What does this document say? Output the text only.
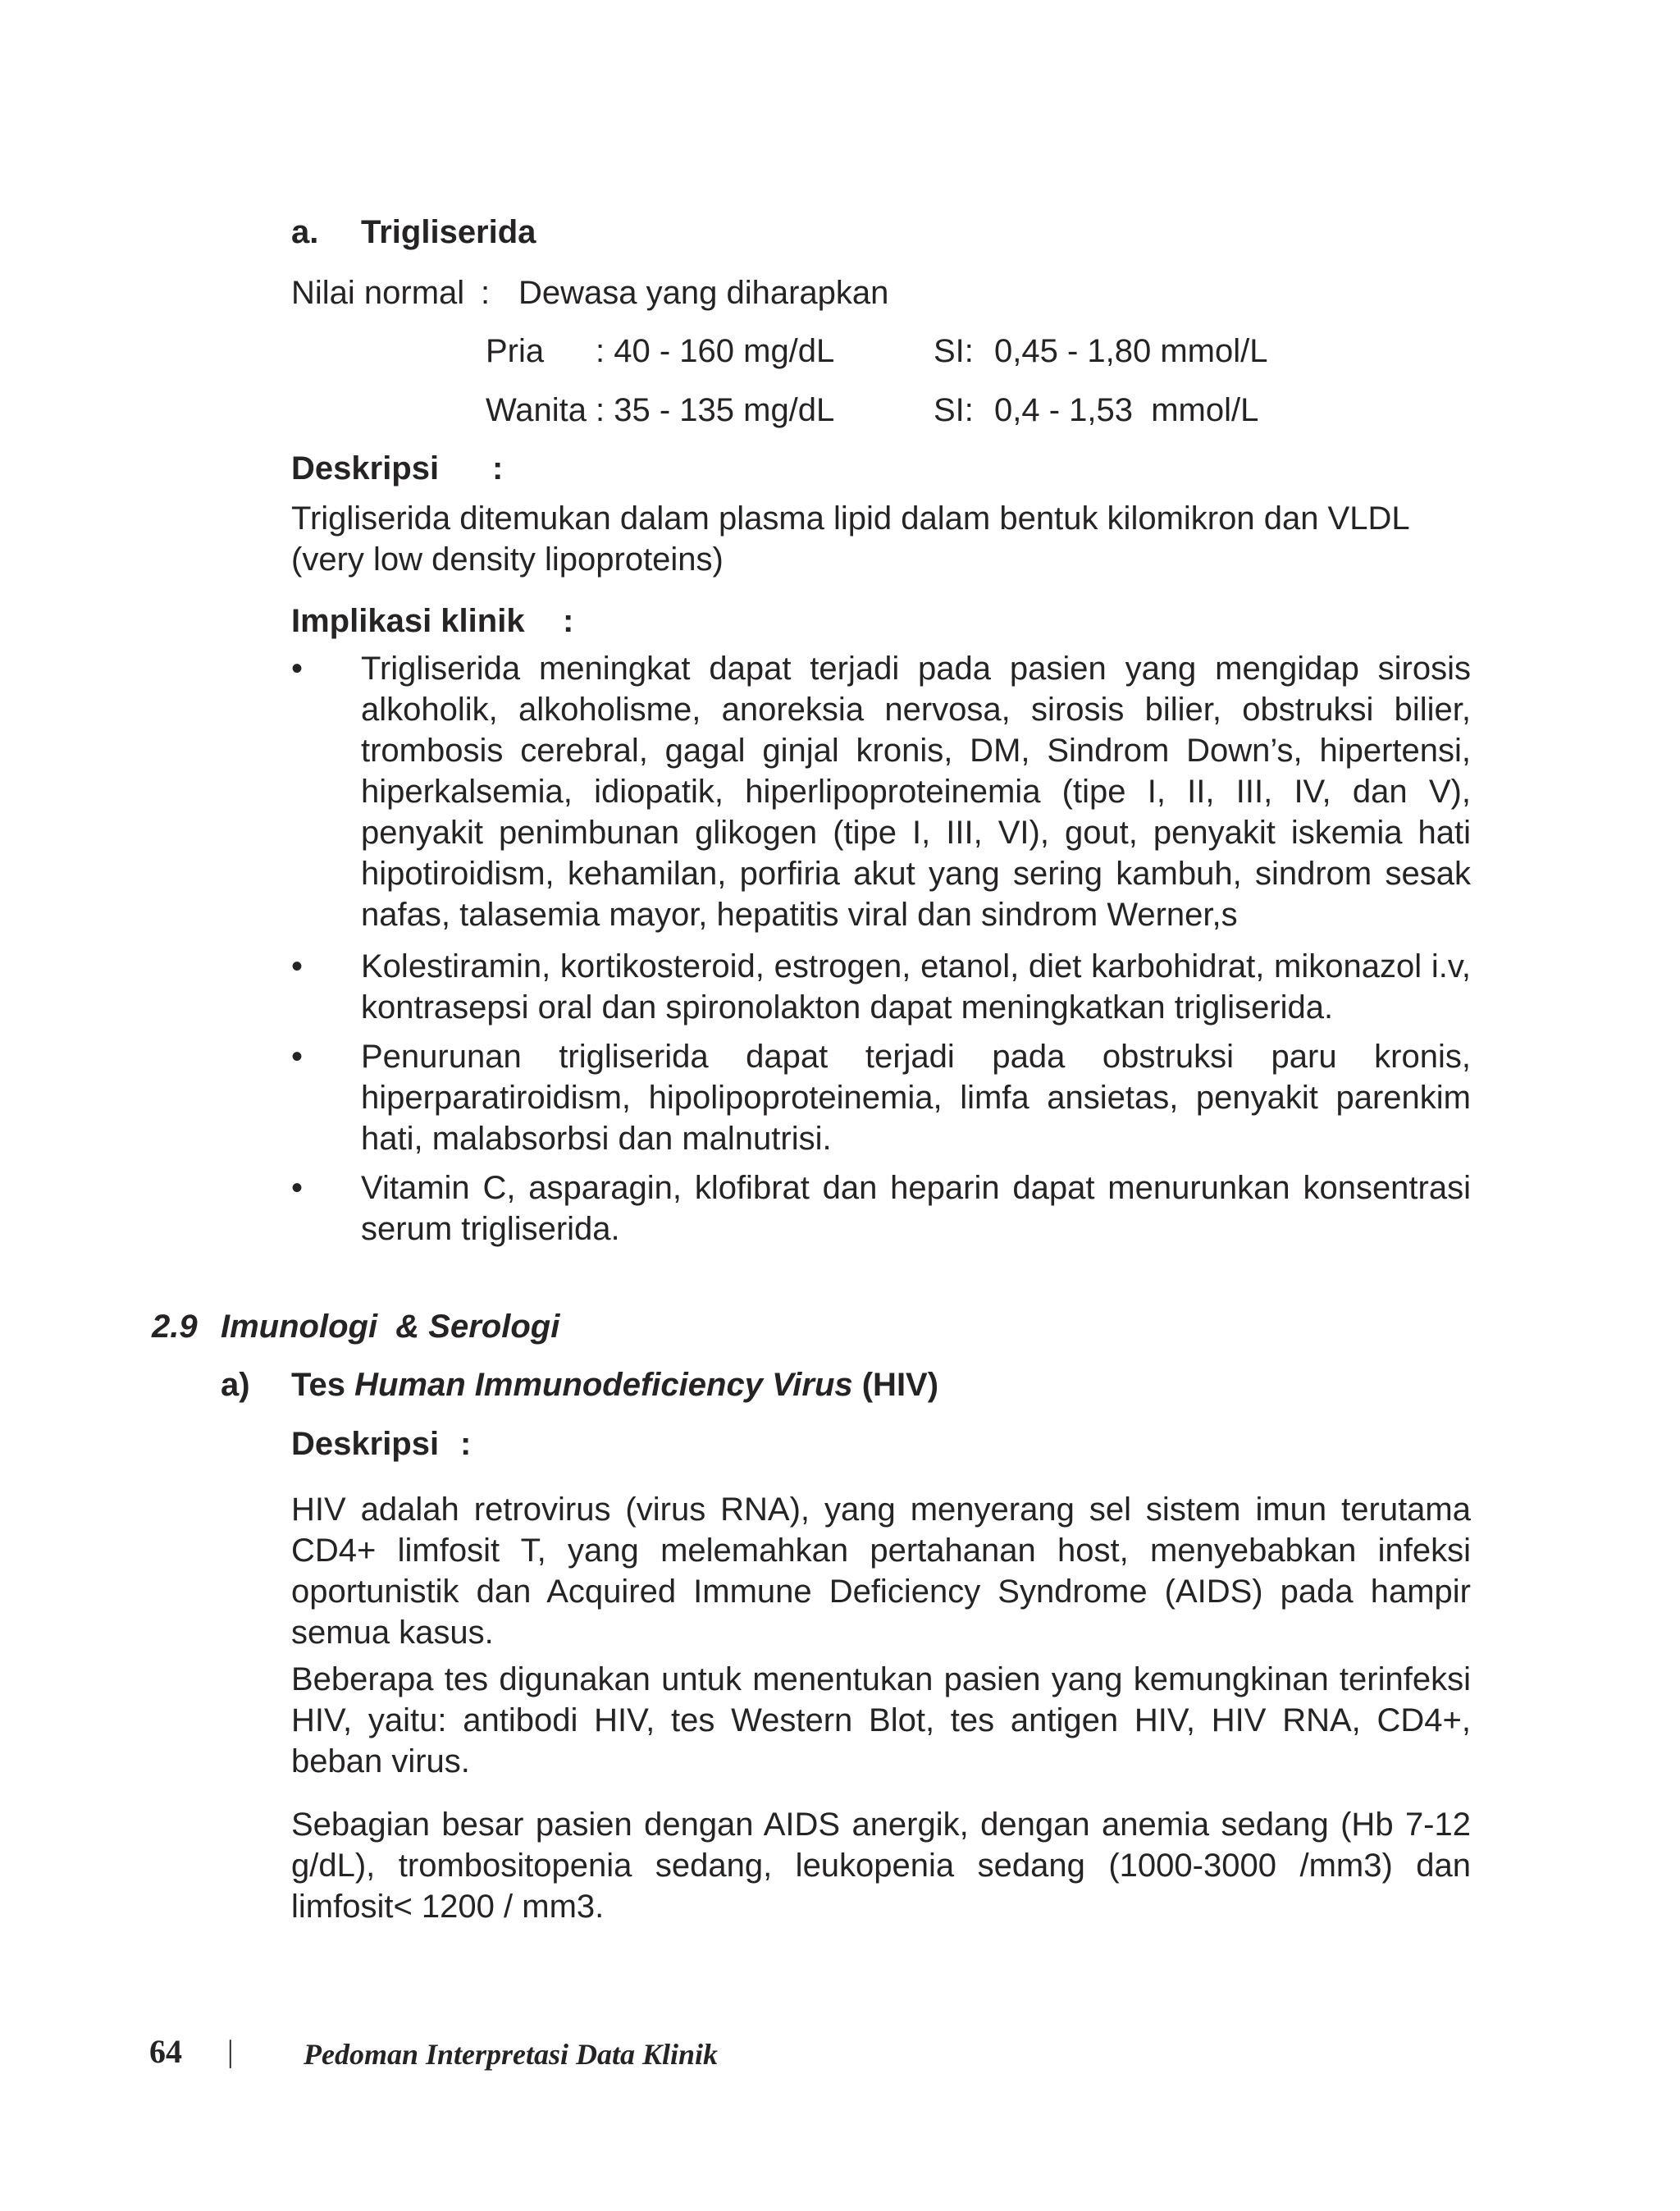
a. Trigliserida
Nilai normal : Dewasa yang diharapkan
Pria : 40 - 160 mg/dL	SI: 0,45 - 1,80 mmol/L
Wanita : 35 - 135 mg/dL	SI: 0,4 - 1,53  mmol/L
Deskripsi :

Trigliserida ditemukan dalam plasma lipid dalam bentuk kilomikron dan VLDL (very low density lipoproteins)

Implikasi klinik :
• Trigliserida meningkat dapat terjadi pada pasien yang mengidap sirosis alkoholik, alkoholisme, anoreksia nervosa, sirosis bilier, obstruksi bilier, trombosis cerebral, gagal ginjal kronis, DM, Sindrom Down’s, hipertensi, hiperkalsemia, idiopatik, hiperlipoproteinemia (tipe I, II, III, IV, dan V), penyakit penimbunan glikogen (tipe I, III, VI), gout, penyakit iskemia hati hipotiroidism, kehamilan, porfiria akut yang sering kambuh, sindrom sesak nafas, talasemia mayor, hepatitis viral dan sindrom Werner,s

• Kolestiramin, kortikosteroid, estrogen, etanol, diet karbohidrat, mikonazol i.v, kontrasepsi oral dan spironolakton dapat meningkatkan trigliserida.

• Penurunan trigliserida dapat terjadi pada obstruksi paru kronis, hiperparatiroidism, hipolipoproteinemia, limfa ansietas, penyakit parenkim hati, malabsorbsi dan malnutrisi.

• Vitamin C, asparagin, klofibrat dan heparin dapat menurunkan konsentrasi serum trigliserida.

2.9 Imunologi  & Serologi
a) Tes Human Immunodeficiency Virus (HIV)
Deskripsi :

HIV adalah retrovirus (virus RNA), yang menyerang sel sistem imun terutama CD4+ limfosit T, yang melemahkan pertahanan host, menyebabkan infeksi oportunistik dan Acquired Immune Deficiency Syndrome (AIDS) pada hampir semua kasus.

Beberapa tes digunakan untuk menentukan pasien yang kemungkinan terinfeksi HIV, yaitu: antibodi HIV, tes Western Blot, tes antigen HIV, HIV RNA, CD4+, beban virus.

Sebagian besar pasien dengan AIDS anergik, dengan anemia sedang (Hb 7-12 g/dL), trombositopenia sedang, leukopenia sedang (1000-3000 /mm3) dan limfosit< 1200 / mm3.

64 | Pedoman Interpretasi Data Klinik
